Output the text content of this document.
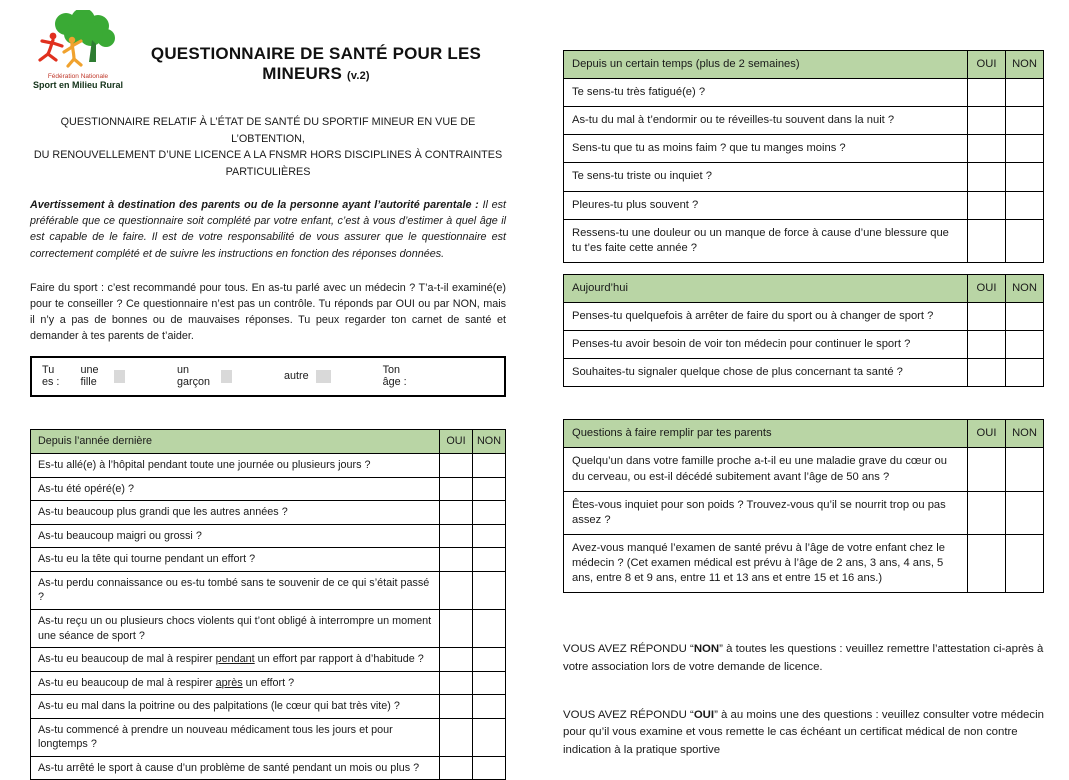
Fédération Nationale
Sport en Milieu Rural
QUESTIONNAIRE DE SANTÉ POUR LES MINEURS (v.2)

QUESTIONNAIRE RELATIF À L’ÉTAT DE SANTÉ DU SPORTIF MINEUR EN VUE DE L’OBTENTION,
DU RENOUVELLEMENT D’UNE LICENCE A LA FNSMR HORS DISCIPLINES À CONTRAINTES PARTICULIÈRES

Avertissement à destination des parents ou de la personne ayant l’autorité parentale : Il est préférable que ce questionnaire soit complété par votre enfant, c’est à vous d’estimer à quel âge il est capable de le faire. Il est de votre responsabilité de vous assurer que le questionnaire est correctement complété et de suivre les instructions en fonction des réponses données.

Faire du sport : c’est recommandé pour tous. En as-tu parlé avec un médecin ? T’a-t-il examiné(e) pour te conseiller ? Ce questionnaire n’est pas un contrôle. Tu réponds par OUI ou par NON, mais il n’y a pas de bonnes ou de mauvaises réponses. Tu peux regarder ton carnet de santé et demander à tes parents de t’aider.

Tu es :
une fille
un garçon	autre	Ton âge :
Depuis l’année dernière	OUI	NON
Es-tu allé(e) à l’hôpital pendant toute une journée ou plusieurs jours ?		
As-tu été opéré(e) ?		
As-tu beaucoup plus grandi que les autres années ?		
As-tu beaucoup maigri ou grossi ?		
As-tu eu la tête qui tourne pendant un effort ?		
As-tu perdu connaissance ou es-tu tombé sans te souvenir de ce qui s’était passé ?		
As-tu reçu un ou plusieurs chocs violents qui t’ont obligé à interrompre un moment une séance de sport ?		
As-tu eu beaucoup de mal à respirer pendant un effort par rapport à d’habitude ?		
As-tu eu beaucoup de mal à respirer après un effort ?		
As-tu eu mal dans la poitrine ou des palpitations (le cœur qui bat très vite) ?		
As-tu commencé à prendre un nouveau médicament tous les jours et pour longtemps ?		
As-tu arrêté le sport à cause d’un problème de santé pendant un mois ou plus ?		
Depuis un certain temps (plus de 2 semaines)	OUI	NON
Te sens-tu très fatigué(e) ?		
As-tu du mal à t’endormir ou te réveilles-tu souvent dans la nuit ?		
Sens-tu que tu as moins faim ? que tu manges moins ?		
Te sens-tu triste ou inquiet ?		
Pleures-tu plus souvent ?		
Ressens-tu une douleur ou un manque de force à cause d’une blessure que tu t’es faite cette année ?		
Aujourd’hui	OUI	NON
Penses-tu quelquefois à arrêter de faire du sport ou à changer de sport ?		
Penses-tu avoir besoin de voir ton médecin pour continuer le sport ?		
Souhaites-tu signaler quelque chose de plus concernant ta santé ?		
Questions à faire remplir par tes parents	OUI	NON
Quelqu’un dans votre famille proche a-t-il eu une maladie grave du cœur ou du cerveau, ou est-il décédé subitement avant l’âge de 50 ans ?		
Êtes-vous inquiet pour son poids ? Trouvez-vous qu’il se nourrit trop ou pas assez ?		
Avez-vous manqué l’examen de santé prévu à l’âge de votre enfant chez le médecin ? (Cet examen médical est prévu à l’âge de 2 ans, 3 ans, 4 ans, 5 ans, entre 8 et 9 ans, entre 11 et 13 ans et entre 15 et 16 ans.)		

VOUS AVEZ RÉPONDU “NON” à toutes les questions : veuillez remettre l’attestation ci-après à votre association lors de votre demande de licence.

VOUS AVEZ RÉPONDU “OUI” à au moins une des questions : veuillez consulter votre médecin pour qu’il vous examine et vous remette le cas échéant un certificat médical de non contre indication à la pratique sportive
